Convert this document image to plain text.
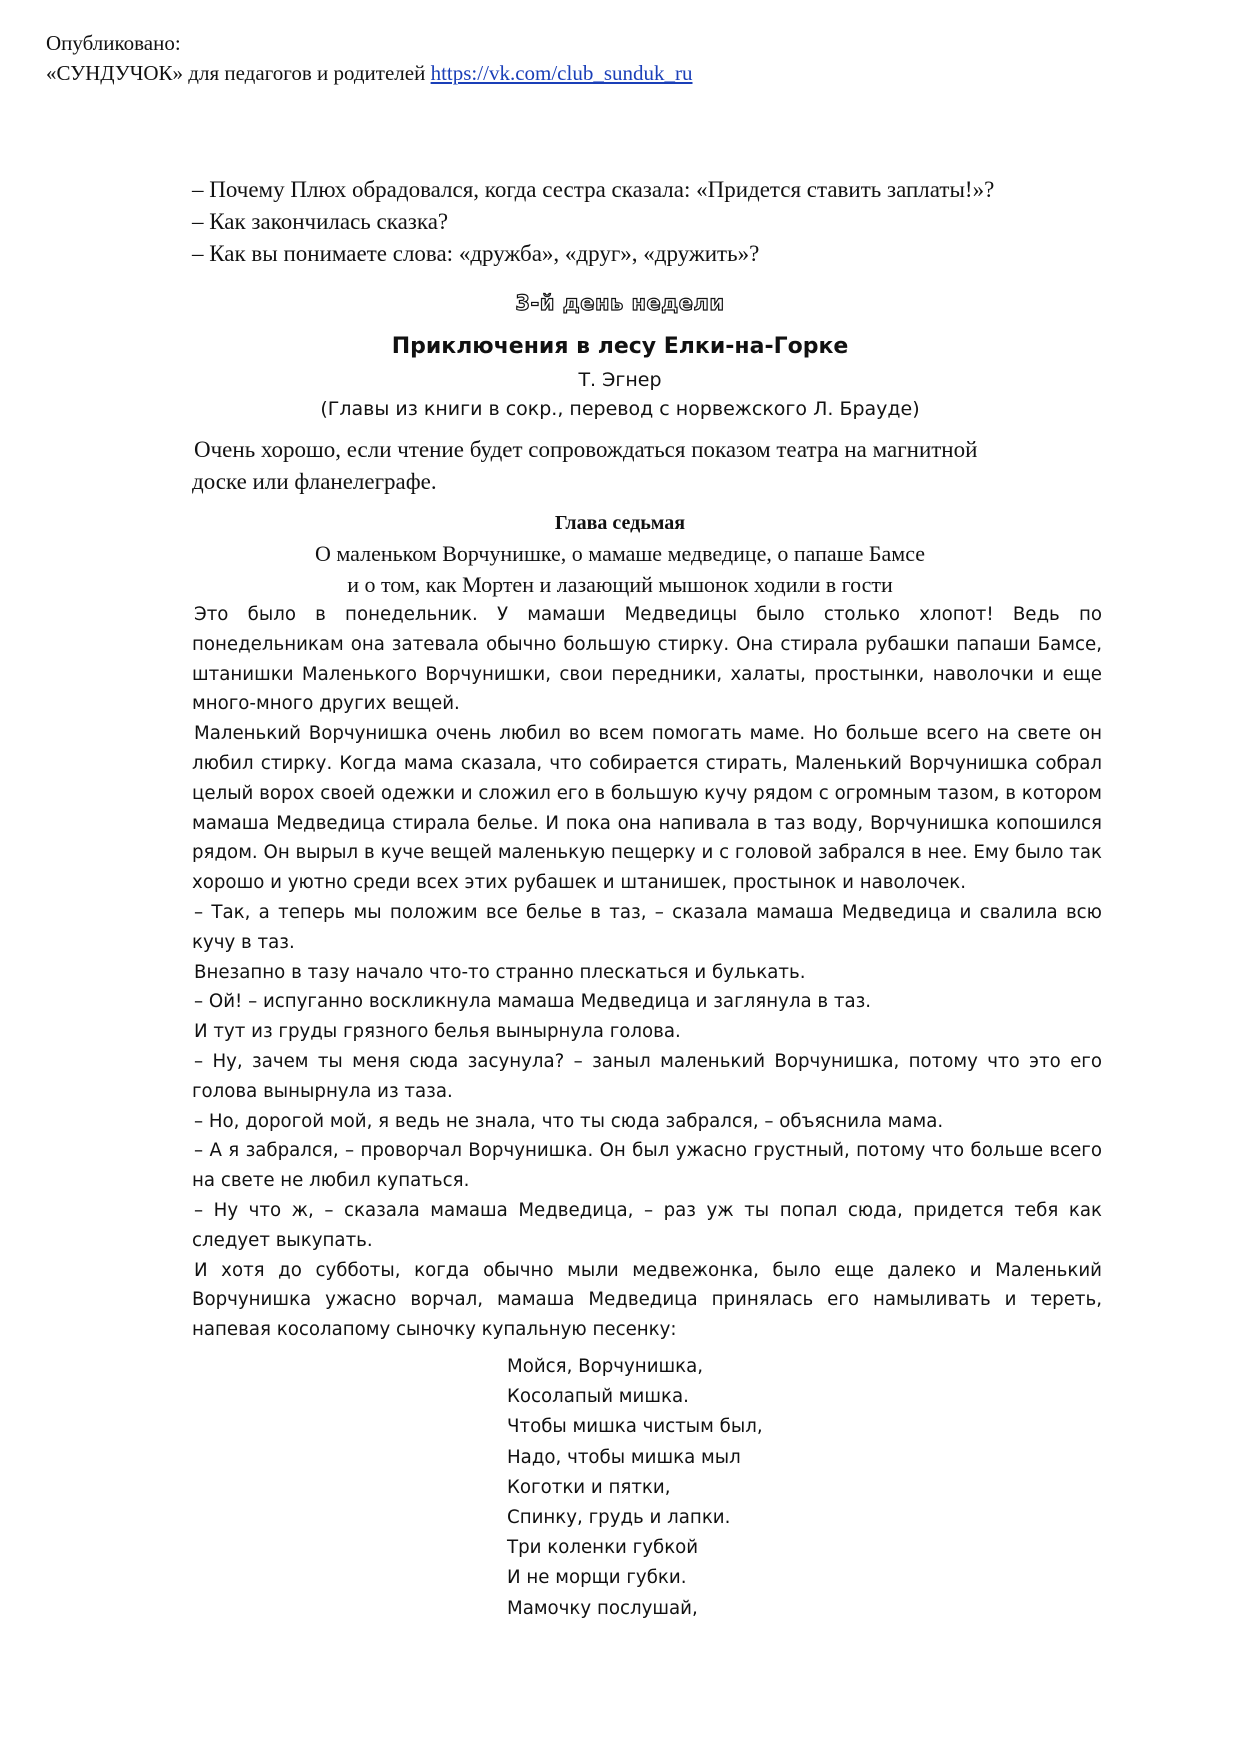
Опубликовано:
«СУНДУЧОК» для педагогов и родителей https://vk.com/club_sunduk_ru
– Почему Плюх обрадовался, когда сестра сказала: «Придется ставить заплаты!»?
– Как закончилась сказка?
– Как вы понимаете слова: «дружба», «друг», «дружить»?
3-й день недели
Приключения в лесу Елки-на-Горке
Т. Эгнер
(Главы из книги в сокр., перевод с норвежского Л. Брауде)
Очень хорошо, если чтение будет сопровождаться показом театра на магнитной
доске или фланелеграфе.
Глава седьмая
О маленьком Ворчунишке, о мамаше медведице, о папаше Бамсе
и о том, как Мортен и лазающий мышонок ходили в гости

Это было в понедельник. У мамаши Медведицы было столько хлопот! Ведь по понедельникам она затевала обычно большую стирку. Она стирала рубашки папаши Бамсе, штанишки Маленького Ворчунишки, свои передники, халаты, простынки, наволочки и еще много-много других вещей.

Маленький Ворчунишка очень любил во всем помогать маме. Но больше всего на свете он любил стирку. Когда мама сказала, что собирается стирать, Маленький Ворчунишка собрал целый ворох своей одежки и сложил его в большую кучу рядом с огромным тазом, в котором мамаша Медведица стирала белье. И пока она напивала в таз воду, Ворчунишка копошился рядом. Он вырыл в куче вещей маленькую пещерку и с головой забрался в нее. Ему было так хорошо и уютно среди всех этих рубашек и штанишек, простынок и наволочек.

– Так, а теперь мы положим все белье в таз, – сказала мамаша Медведица и свалила всю кучу в таз.

Внезапно в тазу начало что-то странно плескаться и булькать.

– Ой! – испуганно воскликнула мамаша Медведица и заглянула в таз.

И тут из груды грязного белья вынырнула голова.

– Ну, зачем ты меня сюда засунула? – заныл маленький Ворчунишка, потому что это его голова вынырнула из таза.

– Но, дорогой мой, я ведь не знала, что ты сюда забрался, – объяснила мама.

– А я забрался, – проворчал Ворчунишка. Он был ужасно грустный, потому что больше всего на свете не любил купаться.

– Ну что ж, – сказала мамаша Медведица, – раз уж ты попал сюда, придется тебя как следует выкупать.

И хотя до субботы, когда обычно мыли медвежонка, было еще далеко и Маленький Ворчунишка ужасно ворчал, мамаша Медведица принялась его намыливать и тереть, напевая косолапому сыночку купальную песенку:

Мойся, Ворчунишка,
Косолапый мишка.
Чтобы мишка чистым был,
Надо, чтобы мишка мыл
Коготки и пятки,
Спинку, грудь и лапки.
Три коленки губкой
И не морщи губки.
Мамочку послушай,
